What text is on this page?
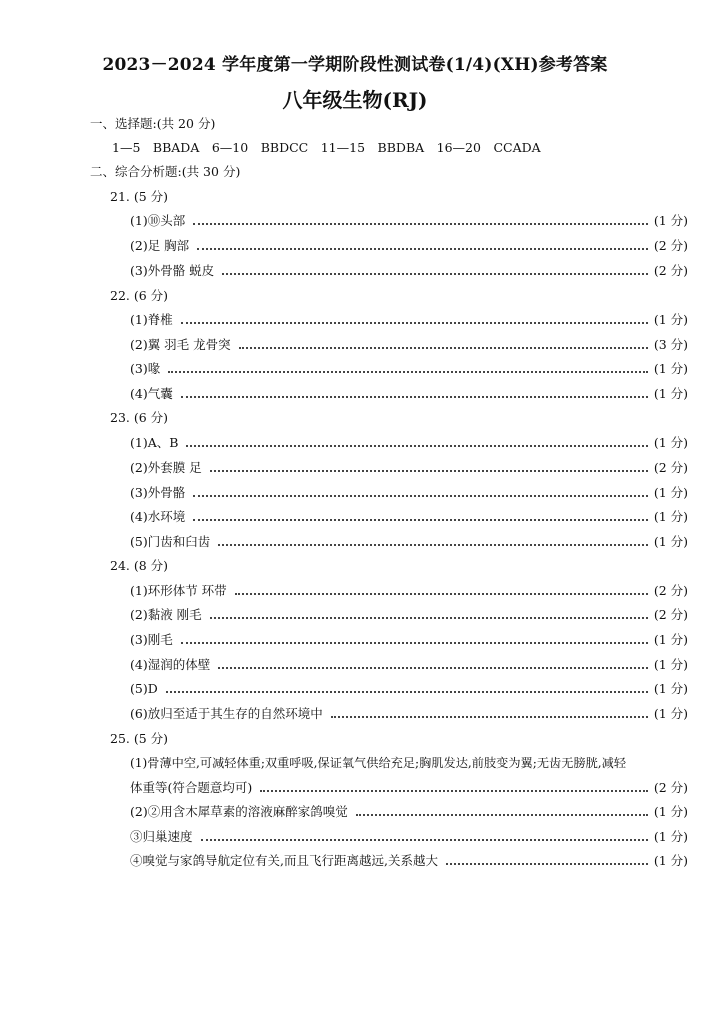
2023－2024 学年度第一学期阶段性测试卷(1/4)(XH)参考答案
八年级生物(RJ)
一、选择题:(共 20 分)
1—5　BBADA　6—10　BBDCC　11—15　BBDBA　16—20　CCADA
二、综合分析题:(共 30 分)
21. (5 分)
(1)⑩头部	(1 分)
(2)足 胸部	(2 分)
(3)外骨骼 蜕皮	(2 分)
22. (6 分)
(1)脊椎	(1 分)
(2)翼 羽毛 龙骨突	(3 分)
(3)喙	(1 分)
(4)气囊	(1 分)
23. (6 分)
(1)A、B	(1 分)
(2)外套膜 足	(2 分)
(3)外骨骼	(1 分)
(4)水环境	(1 分)
(5)门齿和臼齿	(1 分)
24. (8 分)
(1)环形体节 环带	(2 分)
(2)黏液 刚毛	(2 分)
(3)刚毛	(1 分)
(4)湿润的体壁	(1 分)
(5)D	(1 分)
(6)放归至适于其生存的自然环境中	(1 分)
25. (5 分)
(1)骨薄中空,可减轻体重;双重呼吸,保证氧气供给充足;胸肌发达,前肢变为翼;无齿无膀胱,减轻
体重等(符合题意均可)	(2 分)
(2)②用含木犀草素的溶液麻醉家鸽嗅觉	(1 分)
③归巢速度	(1 分)
④嗅觉与家鸽导航定位有关,而且飞行距离越远,关系越大	(1 分)
